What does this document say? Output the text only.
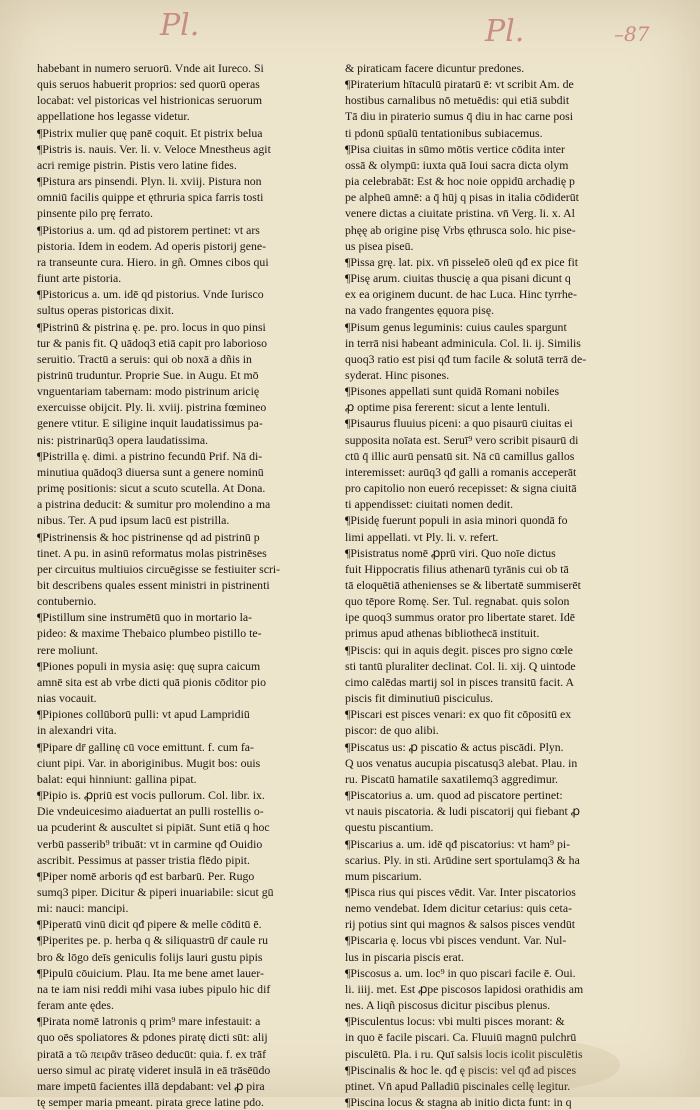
Pl.	Pl.	–87
habebant in numero seruorū. Vnde ait Iureco. Si
quis seruos habuerit proprios: sed quorū operas
locabat: vel pistoricas vel histrionicas seruorum
appellatione hos legasse videtur.
¶Pistrix mulier quę panē coquit. Et pistrix belua
¶Pistris is. nauis. Ver. li. v. Veloce Mnestheus agit
acri remige pistrin. Pistis vero latine fides.
¶Pistura ars pinsendi. Plyn. li. xviij. Pistura non
omniū facilis quippe et ęthruria spica farris tosti
pinsente pilo prę ferrato.
¶Pistorius a. um. qd ad pistorem pertinet: vt ars
pistoria. Idem in eodem. Ad operis pistorij gene-
ra transeunte cura. Hiero. in gñ. Omnes cibos qui
fiunt arte pistoria.
¶Pistoricus a. um. idē qd pistorius. Vnde Iurisco
sultus operas pistoricas dixit.
¶Pistrinū & pistrina ę. pe. pro. locus in quo pinsi
tur & panis fit. Q uādoq3 etiā capit pro laborioso
seruitio. Tractū a seruis: qui ob noxā a dñis in
pistrinū truduntur. Proprie Sue. in Augu. Et mō
vnguentariam tabernam: modo pistrinum aricię
exercuisse obijcit. Ply. li. xviij. pistrina fœmineo
genere vtitur. E siligine inquit laudatissimus pa-
nis: pistrinarūq3 opera laudatissima.
¶Pistrilla ę. dimi. a pistrino fecundū Prif. Nā di-
minutiua quādoq3 diuersa sunt a genere nominū
primę positionis: sicut a scuto scutella. At Dona.
a pistrina deducit: & sumitur pro molendino a ma
nibus. Ter. A pud ipsum lacū est pistrilla.
¶Pistrinensis & hoc pistrinense qd ad pistrinū p
tinet. A pu. in asinū reformatus molas pistrinēses
per circuitus multiuios circuēgisse se festiuiter scri-
bit describens quales essent ministri in pistrinenti
contubernio.
¶Pistillum sine instrumētū quo in mortario la-
pideo: & maxime Thebaico plumbeo pistillo te-
rere moliunt.
¶Piones populi in mysia asię: quę supra caicum
amnē sita est ab vrbe dicti quā pionis cōditor pio
nias vocauit.
¶Pipiones collūborū pulli: vt apud Lampridiū
in alexandri vita.
¶Pipare dr̄ gallinę cū voce emittunt. f. cum fa-
ciunt pipi. Var. in aboriginibus. Mugit bos: ouis
balat: equi hinniunt: gallina pipat.
¶Pipio is. ꝓpriū est vocis pullorum. Col. libr. ix.
Die vndeuicesimo aiaduertat an pulli rostellis o-
ua pcuderint & auscultet si pipiāt. Sunt etiā q hoc
verbū passerib⁹ tribuāt: vt in carmine qđ Ouidio
ascribit. Pessimus at passer tristia flēdo pipit.
¶Piper nomē arboris qđ est barbarū. Per. Rugo
sumq3 piper. Dicitur & piperi inuariabile: sicut gū
mi: nauci: mancipi.
¶Piperatū vinū dicit qđ pipere & melle cōditū ē.
¶Piperites pe. p. herba q & siliquastrū dr̄ caule ru
bro & lōgo deīs geniculis folijs lauri gustu pipis
¶Pipulū cōuicium. Plau. Ita me bene amet lauer-
na te iam nisi reddi mihi vasa iubes pipulo hic dif
feram ante ędes.
¶Pirata nomē latronis q prim⁹ mare infestauit: a
quo oēs spoliatores & pdones piratę dicti sūt: alij
piratā a τῶ πειρᾶν trāseo deducūt: quia. f. ex trāf
uerso simul ac piratę videret insulā in eā trāsēūdo
mare impetū facientes illā depdabant: vel ꝓ pira
tę semper maria pmeant. pirata grece latine pdo.
& piraticam facere dicuntur predones.
¶Piraterium hītaculū piratarū ē: vt scribit Am. de
hostibus carnalibus nō metuēdis: qui etiā subdit
Tā diu in piraterio sumus q̄ diu in hac carne posi
ti pdonū spūalū tentationibus subiacemus.
¶Pisa ciuitas in sūmo mōtis vertice cōdita inter
ossā & olympū: iuxta quā Ioui sacra dicta olym
pia celebrabāt: Est & hoc noie oppidū archadię p
pe alpheū amnē: a q̄ hūj q pisas in italia cōdiderūt
venere dictas a ciuitate pristina. vn̄ Verg. li. x. Al
phęę ab origine pisę Vrbs ęthrusca solo. hic pise-
us pisea piseū.
¶Pissa grę. lat. pix. vn̄ pisseleō oleū qđ ex pice fit
¶Pisę arum. ciuitas thuscię a qua pisani dicunt q
ex ea originem ducunt. de hac Luca. Hinc tyrrhe-
na vado frangentes ęquora pisę.
¶Pisum genus leguminis: cuius caules spargunt
in terrā nisi habeant adminicula. Col. li. ij. Similis
quoq3 ratio est pisi qđ tum facile & solutā terrā de-
syderat. Hinc pisones.
¶Pisones appellati sunt quidā Romani nobiles
ꝓ optime pisa fererent: sicut a lente lentuli.
¶Pisaurus fluuius piceni: a quo pisaurū ciuitas ei
supposita noīata est. Seruī⁹ vero scribit pisaurū di
ctū q̄ illic aurū pensatū sit. Nā cū camillus gallos
interemisset: aurūq3 qđ galli a romanis acceperāt
pro capitolio non eueró recepisset: & signa ciuitā
ti appendisset: ciuitati nomen dedit.
¶Pisidę fuerunt populi in asia minori quondā fo
limi appellati. vt Ply. li. v. refert.
¶Pisistratus nomē ꝓprū viri. Quo noīe dictus
fuit Hippocratis filius athenarū tyrānis cui ob tā
tā eloquētiā athenienses se & libertatē summiserēt
quo tēpore Romę. Ser. Tul. regnabat. quis solon
ipe quoq3 summus orator pro libertate staret. Idē
primus apud athenas bibliothecā instituit.
¶Piscis: qui in aquis degit. pisces pro signo cœle
sti tantū pluraliter declinat. Col. li. xij. Q uintode
cimo calēdas martij sol in pisces transitū facit. A
piscis fit diminutiuū pisciculus.
¶Piscari est pisces venari: ex quo fit cōpositū ex
piscor: de quo alibi.
¶Piscatus us: ꝓ piscatio & actus piscādi. Plyn.
Q uos venatus aucupia piscatusq3 alebat. Plau. in
ru. Piscatū hamatile saxatilemq3 aggredimur.
¶Piscatorius a. um. quod ad piscatore pertinet:
vt nauis piscatoria. & ludi piscatorij qui fiebant ꝓ
questu piscantium.
¶Piscarius a. um. idē qđ piscatorius: vt ham⁹ pi-
scarius. Ply. in sti. Arūdine sert sportulamq3 & ha
mum piscarium.
¶Pisca rius qui pisces vēdit. Var. Inter piscatorios
nemo vendebat. Idem dicitur cetarius: quis ceta-
rij potius sint qui magnos & salsos pisces vendūt
¶Piscaria ę. locus vbi pisces vendunt. Var. Nul-
lus in piscaria piscis erat.
¶Piscosus a. um. loc⁹ in quo piscari facile ē. Oui.
li. iiij. met. Est ꝓpe piscosos lapidosi orathidis am
nes. A liqñ piscosus dicitur piscibus plenus.
¶Pisculentus locus: vbi multi pisces morant: &
in quo ē facile piscari. Ca. Fluuiū magnū pulchrū
pisculētū. Pla. i ru. Quī salsis locis icolit pisculētis
¶Piscinalis & hoc le. qđ ę piscis: vel qđ ad pisces
ptinet. Vn̄ apud Palladiū piscinales cellę legitur.
¶Piscina locus & stagna ab initio dicta funt: in q
